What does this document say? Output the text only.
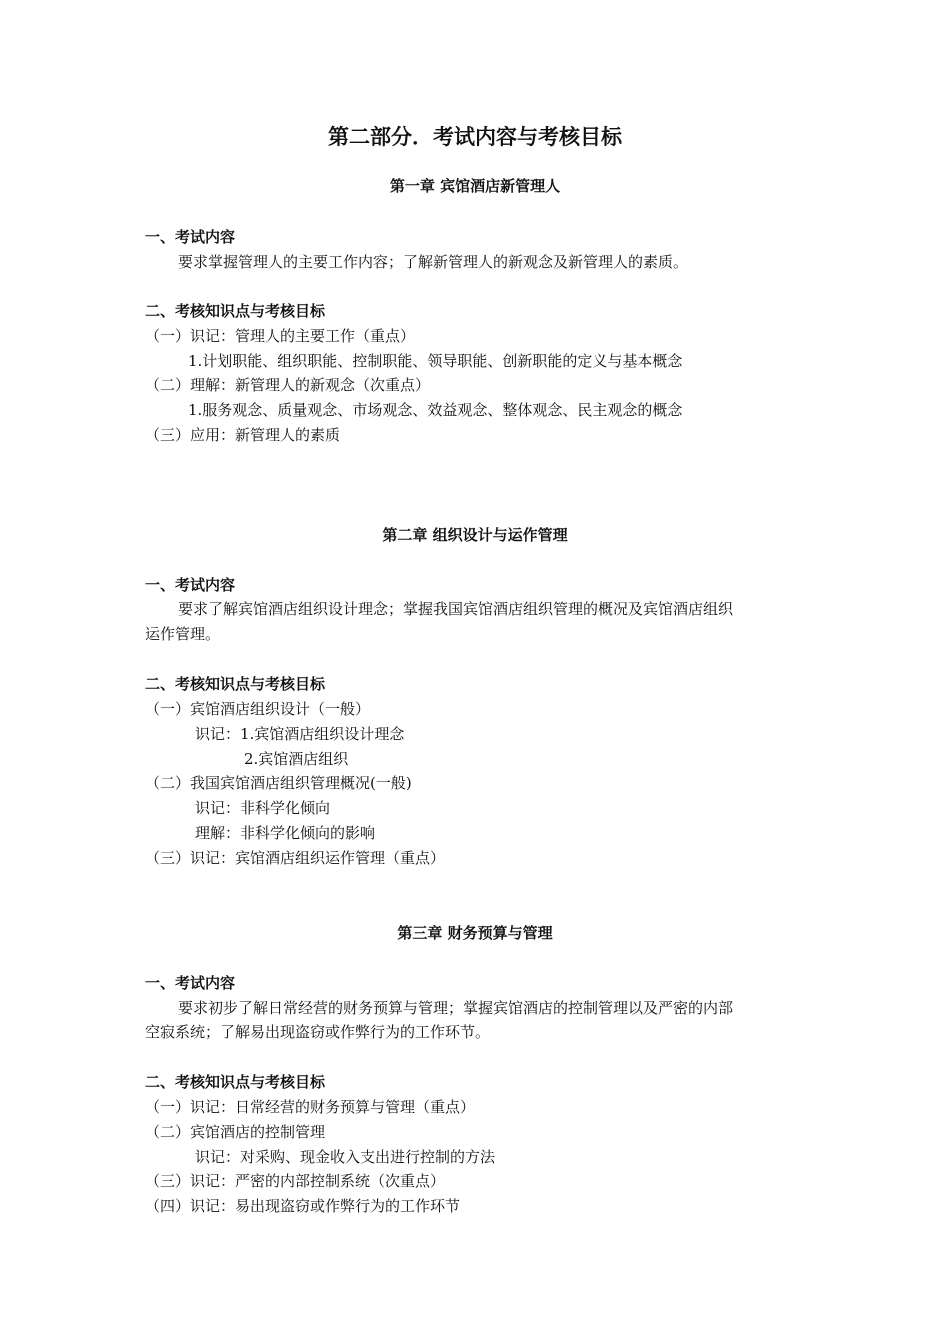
第二部分．考试内容与考核目标
第一章 宾馆酒店新管理人
一、考试内容
要求掌握管理人的主要工作内容；了解新管理人的新观念及新管理人的素质。
二、考核知识点与考核目标
（一）识记：管理人的主要工作（重点）
1.计划职能、组织职能、控制职能、领导职能、创新职能的定义与基本概念
（二）理解：新管理人的新观念（次重点）
1.服务观念、质量观念、市场观念、效益观念、整体观念、民主观念的概念
（三）应用：新管理人的素质
第二章 组织设计与运作管理
一、考试内容
要求了解宾馆酒店组织设计理念；掌握我国宾馆酒店组织管理的概况及宾馆酒店组织
运作管理。
二、考核知识点与考核目标
（一）宾馆酒店组织设计（一般）
识记：1.宾馆酒店组织设计理念
2.宾馆酒店组织
（二）我国宾馆酒店组织管理概况(一般)
识记：非科学化倾向
理解：非科学化倾向的影响
（三）识记：宾馆酒店组织运作管理（重点）
第三章 财务预算与管理
一、考试内容
要求初步了解日常经营的财务预算与管理；掌握宾馆酒店的控制管理以及严密的内部
空寂系统；了解易出现盗窃或作弊行为的工作环节。
二、考核知识点与考核目标
（一）识记：日常经营的财务预算与管理（重点）
（二）宾馆酒店的控制管理
识记：对采购、现金收入支出进行控制的方法
（三）识记：严密的内部控制系统（次重点）
（四）识记：易出现盗窃或作弊行为的工作环节
